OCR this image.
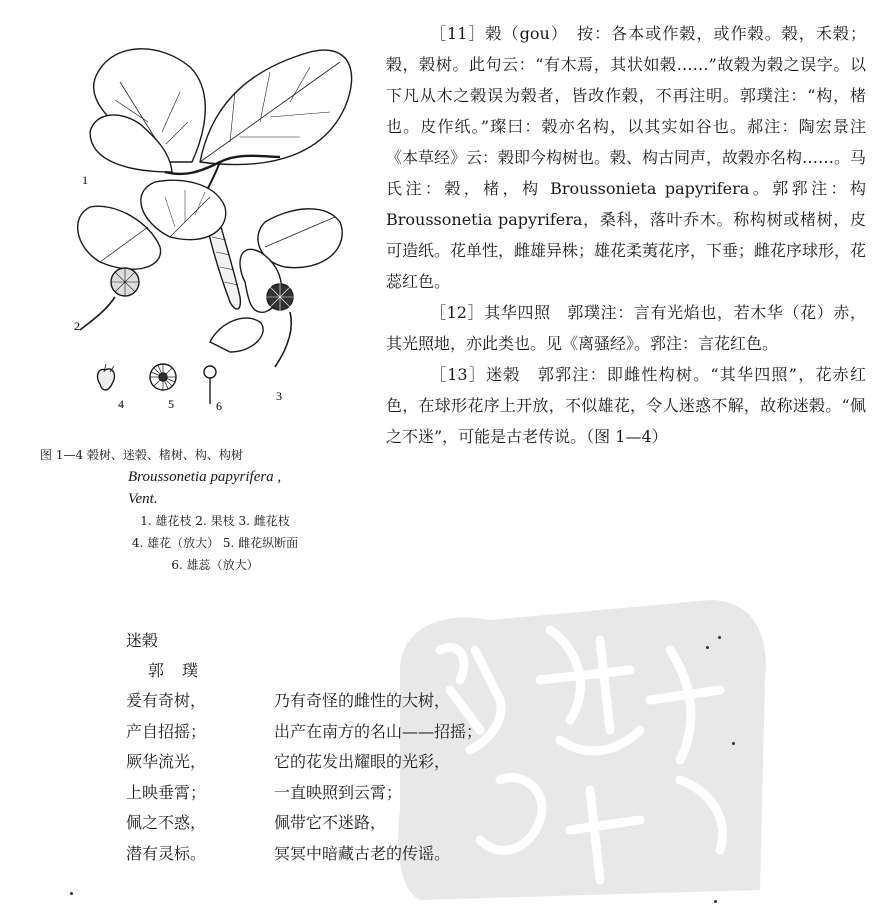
1
2
3
4	5	6
图 1—4 榖树、迷榖、楮树、构、构树
Broussonetia papyrifera ,
Vent.
1. 雄花枝 2. 果枝 3. 雌花枝
4. 雄花（放大） 5. 雌花纵断面
6. 雄蕊（放大）

［11］榖（gou）　按：各本或作榖，或作榖。榖，禾榖；榖，榖树。此句云：“有木焉，其状如榖……”故榖为榖之误字。以下凡从木之榖误为榖者，皆改作榖，不再注明。郭璞注：“构，楮也。皮作纸。”璨曰：榖亦名构，以其实如谷也。郝注：陶宏景注《本草经》云：榖即今构树也。榖、构古同声，故榖亦名构……。马氏注：榖，楮，构 Broussonieta papyrifera。郭郛注：构 Broussonetia papyrifera，桑科，落叶乔木。称构树或楮树，皮可造纸。花单性，雌雄异株；雄花柔荑花序，下垂；雌花序球形，花蕊红色。

［12］其华四照　郭璞注：言有光焰也，若木华（花）赤，其光照地，亦此类也。见《离骚经》。郛注：言花红色。

［13］迷榖　郭郛注：即雌性构树。“其华四照”，花赤红色，在球形花序上开放，不似雄花，令人迷惑不解，故称迷榖。“佩之不迷”，可能是古老传说。（图 1—4）

迷榖
郭璞
爰有奇树，	乃有奇怪的雌性的大树，
产自招摇；	出产在南方的名山——招摇；
厥华流光，	它的花发出耀眼的光彩，
上映垂霄；	一直映照到云霄；
佩之不惑，	佩带它不迷路，
潜有灵标。	冥冥中暗藏古老的传谣。
